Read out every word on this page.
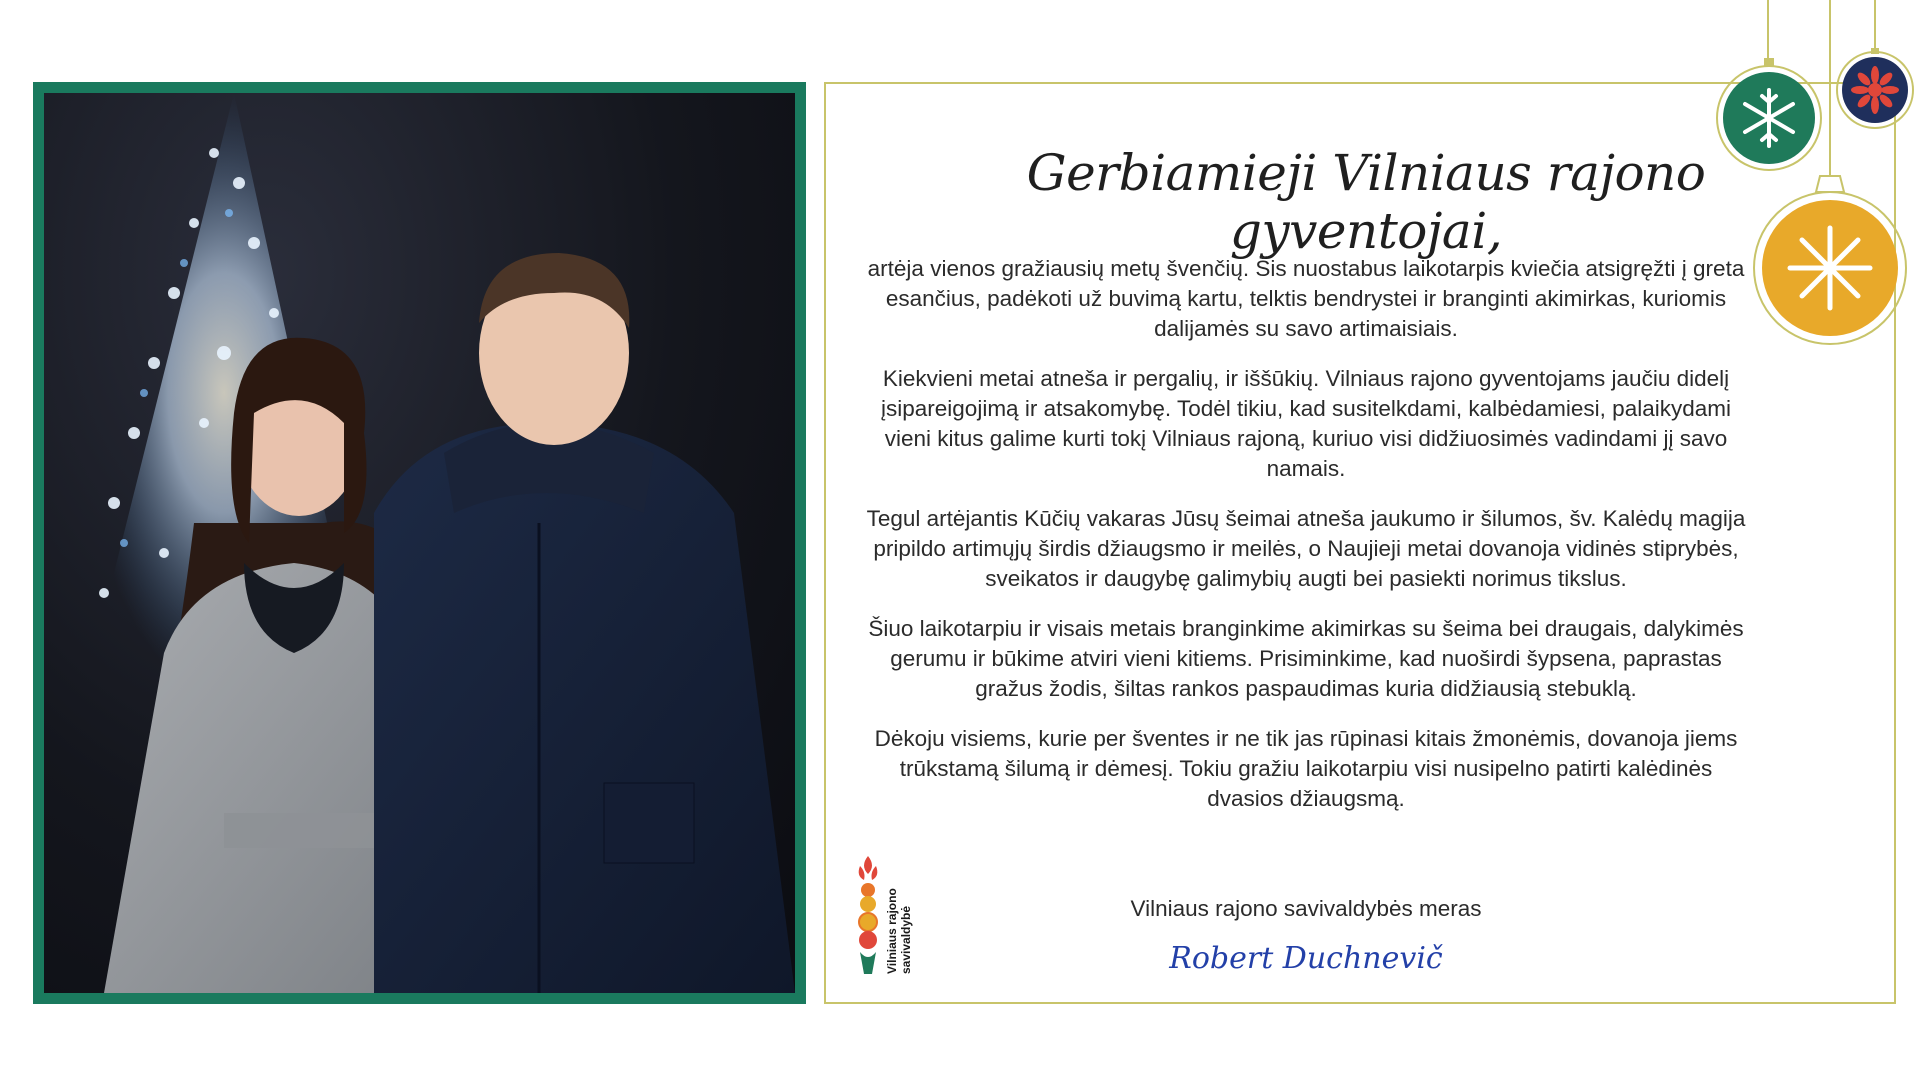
Gerbiamieji Vilniaus rajono gyventojai,

artėja vienos gražiausių metų švenčių. Šis nuostabus laikotarpis kviečia atsigręžti į greta esančius, padėkoti už buvimą kartu, telktis bendrystei ir branginti akimirkas, kuriomis dalijamės su savo artimaisiais.

Kiekvieni metai atneša ir pergalių, ir iššūkių. Vilniaus rajono gyventojams jaučiu didelį įsipareigojimą ir atsakomybę. Todėl tikiu, kad susitelkdami, kalbėdamiesi, palaikydami vieni kitus galime kurti tokį Vilniaus rajoną, kuriuo visi didžiuosimės vadindami jį savo namais.

Tegul artėjantis Kūčių vakaras Jūsų šeimai atneša jaukumo ir šilumos, šv. Kalėdų magija pripildo artimųjų širdis džiaugsmo ir meilės, o Naujieji metai dovanoja vidinės stiprybės, sveikatos ir daugybę galimybių augti bei pasiekti norimus tikslus.

Šiuo laikotarpiu ir visais metais branginkime akimirkas su šeima bei draugais, dalykimės gerumu ir būkime atviri vieni kitiems. Prisiminkime, kad nuoširdi šypsena, paprastas gražus žodis, šiltas rankos paspaudimas kuria didžiausią stebuklą.

Dėkoju visiems, kurie per šventes ir ne tik jas rūpinasi kitais žmonėmis, dovanoja jiems trūkstamą šilumą ir dėmesį. Tokiu gražiu laikotarpiu visi nusipelno patirti kalėdinės dvasios džiaugsmą.

Vilniaus rajono savivaldybės meras
Robert Duchnevič
Vilniaus rajono savivaldybė
